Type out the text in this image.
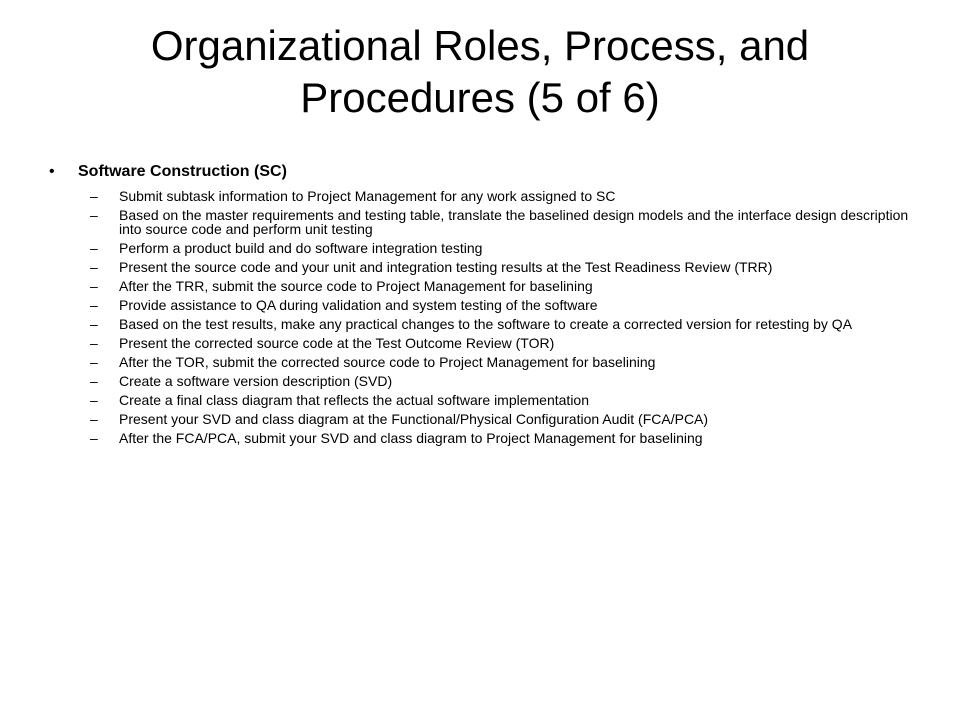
Organizational Roles, Process, and
Procedures (5 of 6)
• Software Construction (SC)
– Submit subtask information to Project Management for any work assigned to SC
– Based on the master requirements and testing table, translate the baselined design models and the interface design description into source code and perform unit testing
– Perform a product build and do software integration testing
– Present the source code and your unit and integration testing results at the Test Readiness Review (TRR)
– After the TRR, submit the source code to Project Management for baselining
– Provide assistance to QA during validation and system testing of the software
– Based on the test results, make any practical changes to the software to create a corrected version for retesting by QA
– Present the corrected source code at the Test Outcome Review (TOR)
– After the TOR, submit the corrected source code to Project Management for baselining
– Create a software version description (SVD)
– Create a final class diagram that reflects the actual software implementation
– Present your SVD and class diagram at the Functional/Physical Configuration Audit (FCA/PCA)
– After the FCA/PCA, submit your SVD and class diagram to Project Management for baselining
